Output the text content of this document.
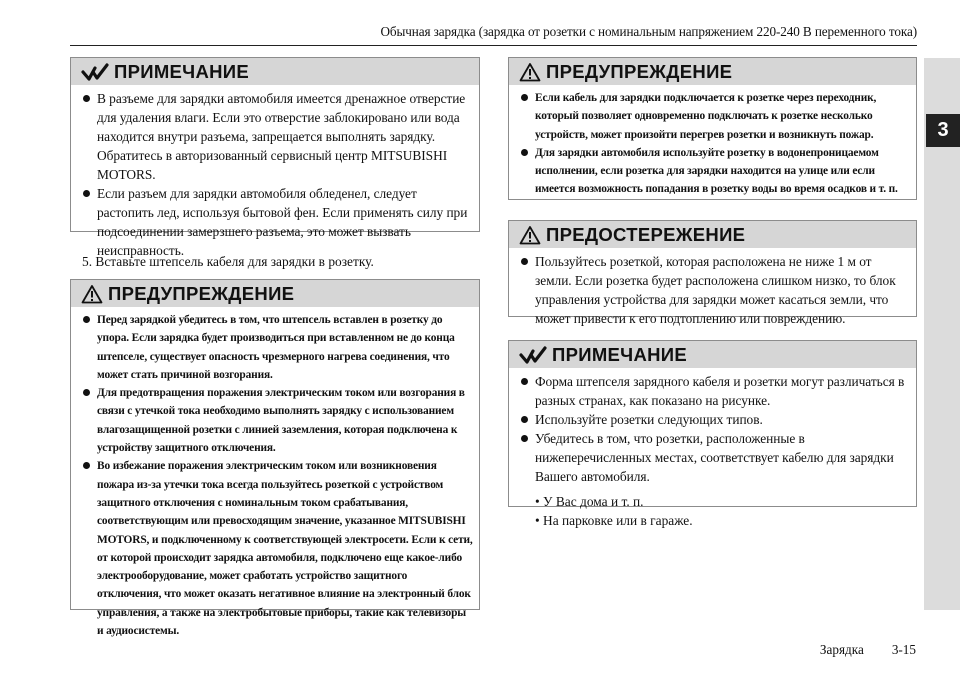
Обычная зарядка (зарядка от розетки с номинальным напряжением 220-240 В переменного тока)
3
ПРИМЕЧАНИЕ
В разъеме для зарядки автомобиля имеется дренажное отверстие для удаления влаги. Если это отверстие заблокировано или вода находится внутри разъема, запрещается выполнять зарядку. Обратитесь в авторизованный сервисный центр MITSUBISHI MOTORS.
Если разъем для зарядки автомобиля обледенел, следует растопить лед, используя бытовой фен. Если применять силу при подсоединении замерзшего разъема, это может вызвать неисправность.
5. Вставьте штепсель кабеля для зарядки в розетку.
ПРЕДУПРЕЖДЕНИЕ
Перед зарядкой убедитесь в том, что штепсель вставлен в розетку до упора. Если зарядка будет производиться при вставленном не до конца штепселе, существует опасность чрезмерного нагрева соединения, что может стать причиной возгорания.
Для предотвращения поражения электрическим током или возгорания в связи с утечкой тока необходимо выполнять зарядку с использованием влагозащищенной розетки с линией заземления, которая подключена к устройству защитного отключения.
Во избежание поражения электрическим током или возникновения пожара из-за утечки тока всегда пользуйтесь розеткой с устройством защитного отключения с номинальным током срабатывания, соответствующим или превосходящим значение, указанное MITSUBISHI MOTORS, и подключенному к соответствующей электросети. Если к сети, от которой происходит зарядка автомобиля, подключено еще какое-либо электрооборудование, может сработать устройство защитного отключения, что может оказать негативное влияние на электронный блок управления, а также на электробытовые приборы, такие как телевизоры и аудиосистемы.
ПРЕДУПРЕЖДЕНИЕ
Если кабель для зарядки подключается к розетке через переходник, который позволяет одновременно подключать к розетке несколько устройств, может произойти перегрев розетки и возникнуть пожар.
Для зарядки автомобиля используйте розетку в водонепроницаемом исполнении, если розетка для зарядки находится на улице или если имеется возможность попадания в розетку воды во время осадков и т. п.
ПРЕДОСТЕРЕЖЕНИЕ
Пользуйтесь розеткой, которая расположена не ниже 1 м от земли. Если розетка будет расположена слишком низко, то блок управления устройства для зарядки может касаться земли, что может привести к его подтоплению или повреждению.
ПРИМЕЧАНИЕ
Форма штепселя зарядного кабеля и розетки могут различаться в разных странах, как показано на рисунке.
Используйте розетки следующих типов.
Убедитесь в том, что розетки, расположенные в нижеперечисленных местах, соответствует кабелю для зарядки Вашего автомобиля.
• У Вас дома и т. п.
• На парковке или в гараже.
Зарядка 3-15
